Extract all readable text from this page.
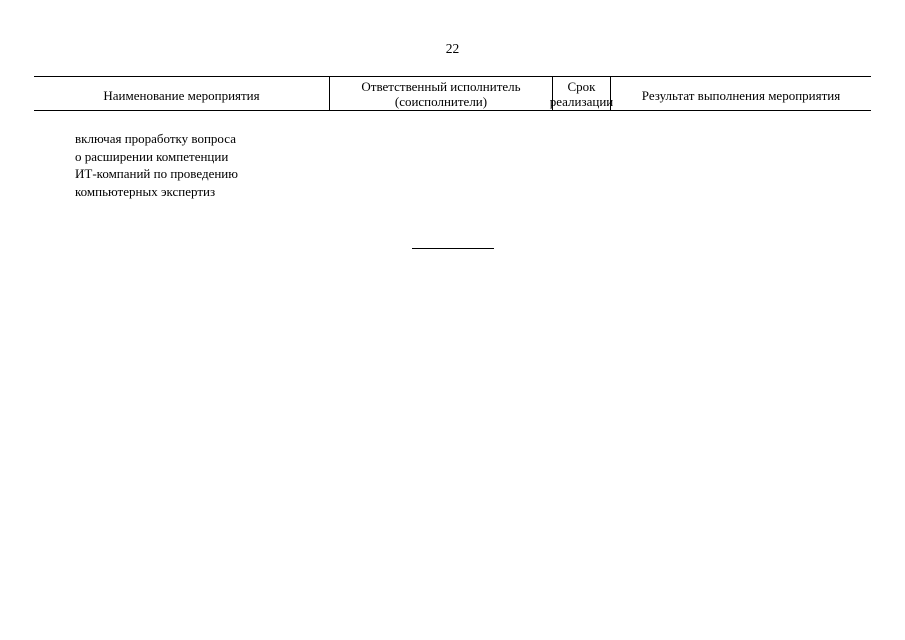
22
Наименование мероприятия
Ответственный исполнитель
(соисполнители)
Срок
реализации	Результат выполнения мероприятия
включая проработку вопроса
о расширении компетенции
ИТ-компаний по проведению
компьютерных экспертиз
